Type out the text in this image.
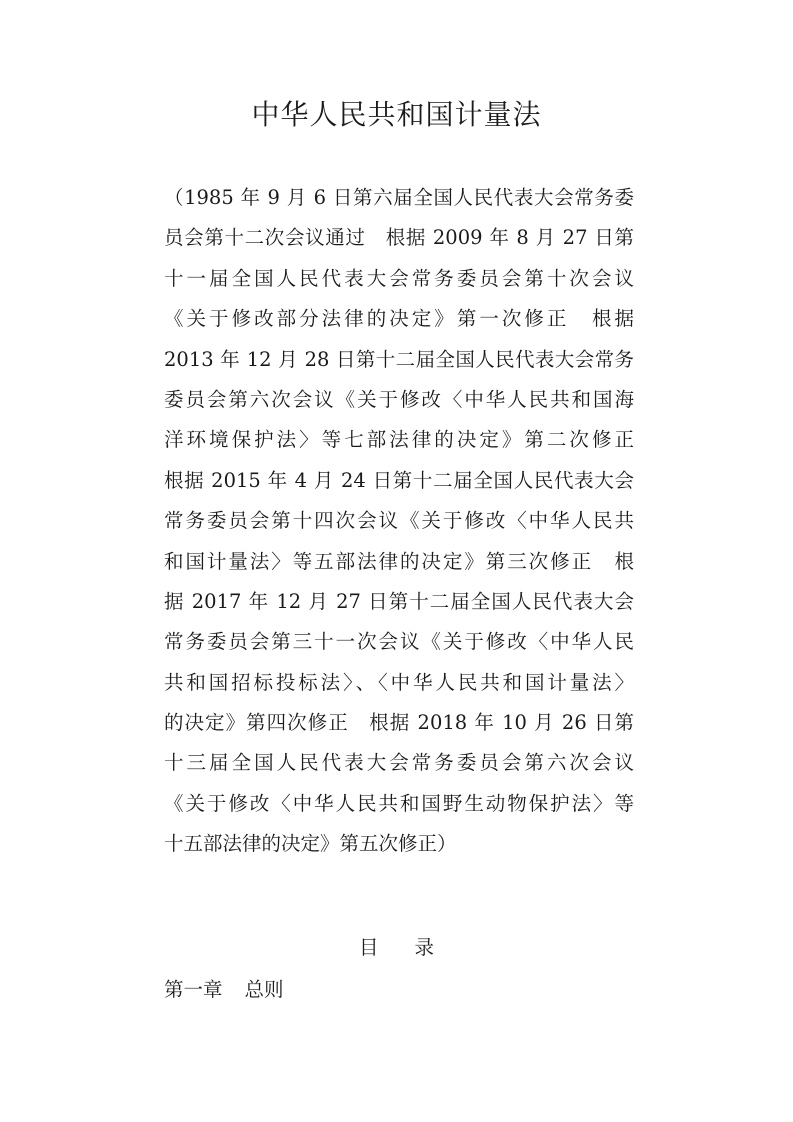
中华人民共和国计量法
（1985 年 9 月 6 日第六届全国人民代表大会常务委
员会第十二次会议通过　根据 2009 年 8 月 27 日第
十一届全国人民代表大会常务委员会第十次会议
《关于修改部分法律的决定》第一次修正　根据
2013 年 12 月 28 日第十二届全国人民代表大会常务
委员会第六次会议《关于修改〈中华人民共和国海
洋环境保护法〉等七部法律的决定》第二次修正
根据 2015 年 4 月 24 日第十二届全国人民代表大会
常务委员会第十四次会议《关于修改〈中华人民共
和国计量法〉等五部法律的决定》第三次修正　根
据 2017 年 12 月 27 日第十二届全国人民代表大会
常务委员会第三十一次会议《关于修改〈中华人民
共和国招标投标法〉、〈中华人民共和国计量法〉
的决定》第四次修正　根据 2018 年 10 月 26 日第
十三届全国人民代表大会常务委员会第六次会议
《关于修改〈中华人民共和国野生动物保护法〉等
十五部法律的决定》第五次修正）
目录
第一章 总则
